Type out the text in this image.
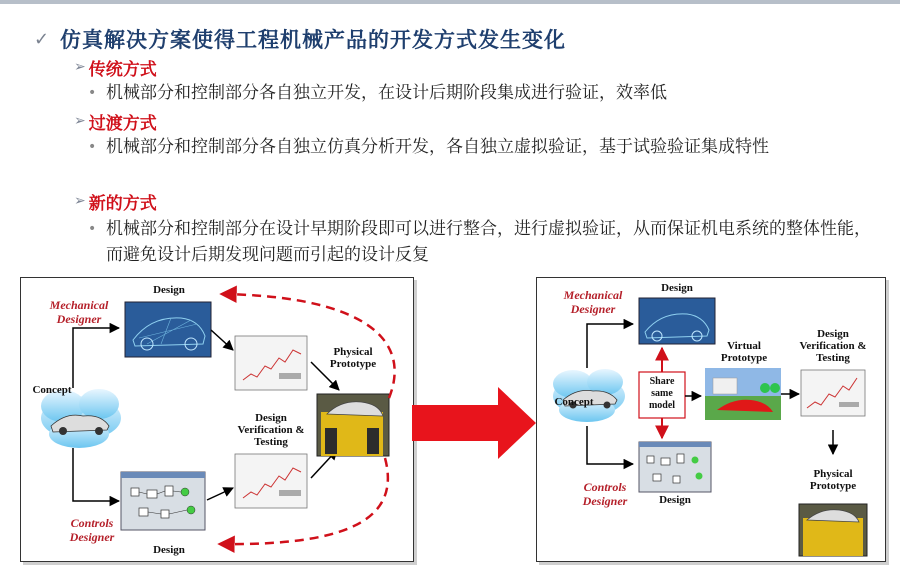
✓ 仿真解决方案使得工程机械产品的开发方式发生变化
➢ 传统方式
• 机械部分和控制部分各自独立开发，在设计后期阶段集成进行验证，效率低
➢ 过渡方式
• 机械部分和控制部分各自独立仿真分析开发，各自独立虚拟验证，基于试验验证集成特性
➢ 新的方式
• 机械部分和控制部分在设计早期阶段即可以进行整合，进行虚拟验证，从而保证机电系统的整体性能，而避免设计后期发现问题而引起的设计反复
Design
Mechanical Designer
Concept
Physical Prototype
Design Verification & Testing
Controls Designer
Design
Design
Mechanical Designer
Concept
Share same model
Virtual Prototype
Design Verification & Testing
Physical Prototype
Controls Designer	Design
